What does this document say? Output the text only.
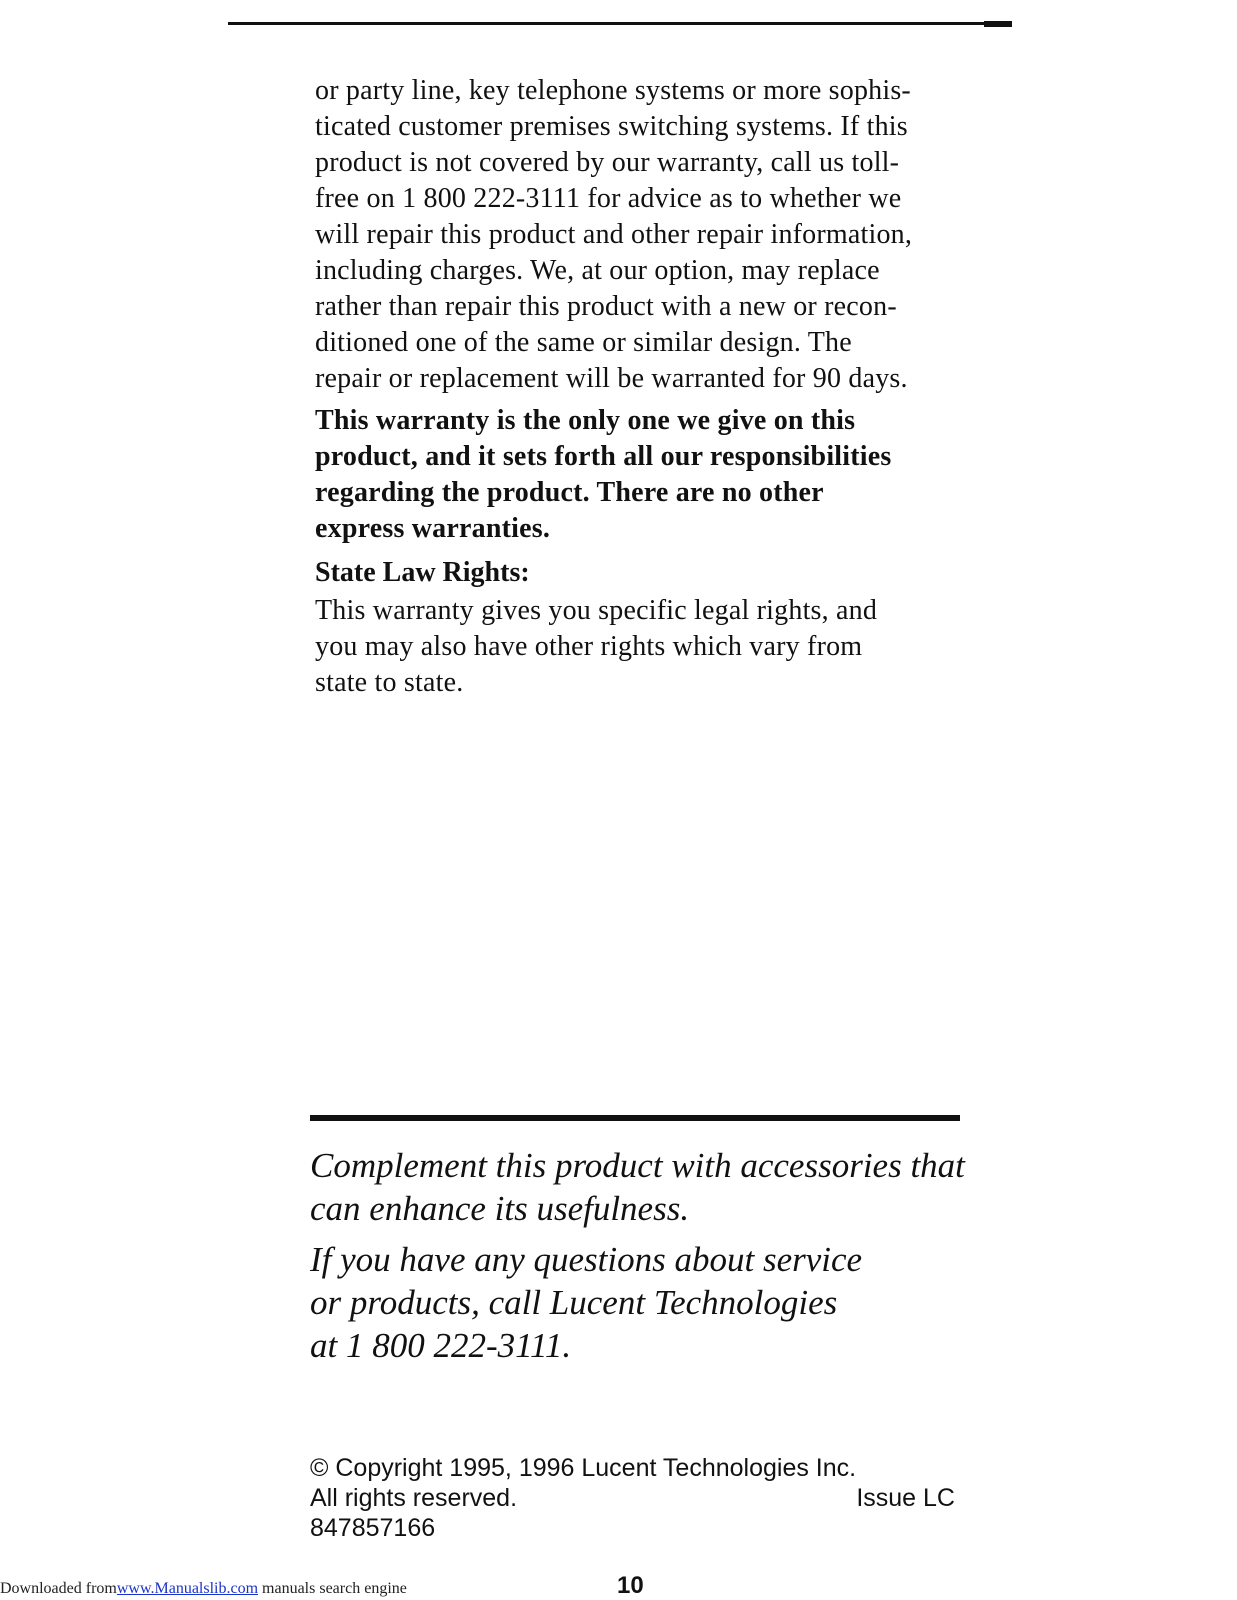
or party line, key telephone systems or more sophis-
ticated customer premises switching systems. If this
product is not covered by our warranty, call us toll-
free on 1 800 222-3111 for advice as to whether we
will repair this product and other repair information,
including charges. We, at our option, may replace
rather than repair this product with a new or recon-
ditioned one of the same or similar design. The
repair or replacement will be warranted for 90 days.

This warranty is the only one we give on this
product, and it sets forth all our responsibilities
regarding the product. There are no other
express warranties.

State Law Rights:

This warranty gives you specific legal rights, and
you may also have other rights which vary from
state to state.

Complement this product with accessories that
can enhance its usefulness.

If you have any questions about service
or products, call Lucent Technologies
at 1 800 222-3111.

© Copyright 1995, 1996 Lucent Technologies Inc.
All rights reserved.	Issue LC
847857166
Downloaded fromwww.Manualslib.com manuals search engine	10
